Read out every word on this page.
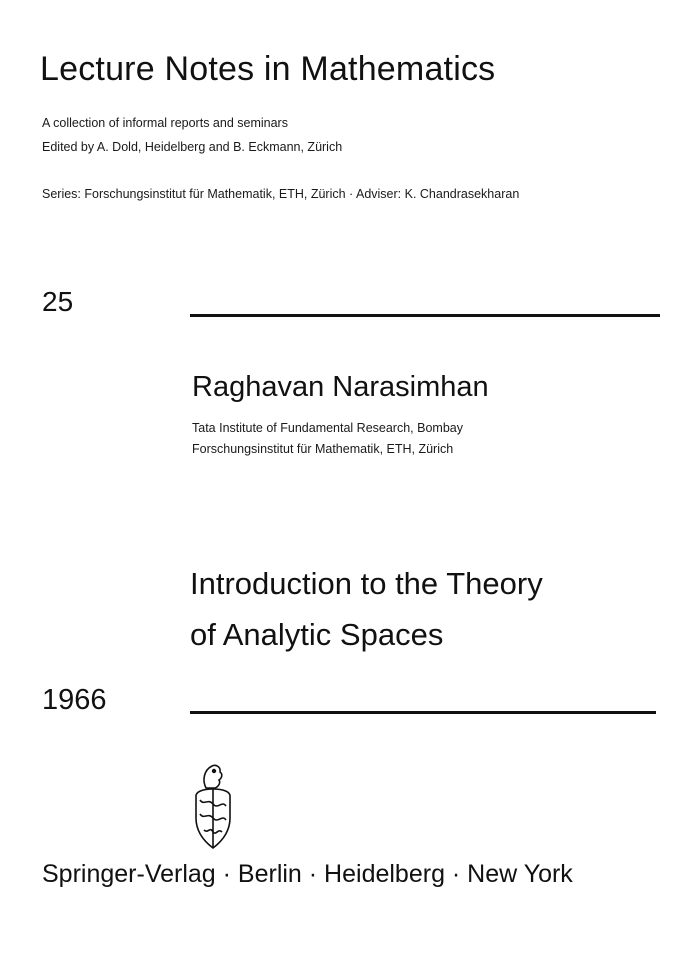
Lecture Notes in Mathematics
A collection of informal reports and seminars
Edited by A. Dold, Heidelberg and B. Eckmann, Zürich
Series: Forschungsinstitut für Mathematik, ETH, Zürich · Adviser: K. Chandrasekharan
25
Raghavan Narasimhan
Tata Institute of Fundamental Research, Bombay
Forschungsinstitut für Mathematik, ETH, Zürich
Introduction to the Theory
of Analytic Spaces
1966
Springer-Verlag · Berlin · Heidelberg · New York
